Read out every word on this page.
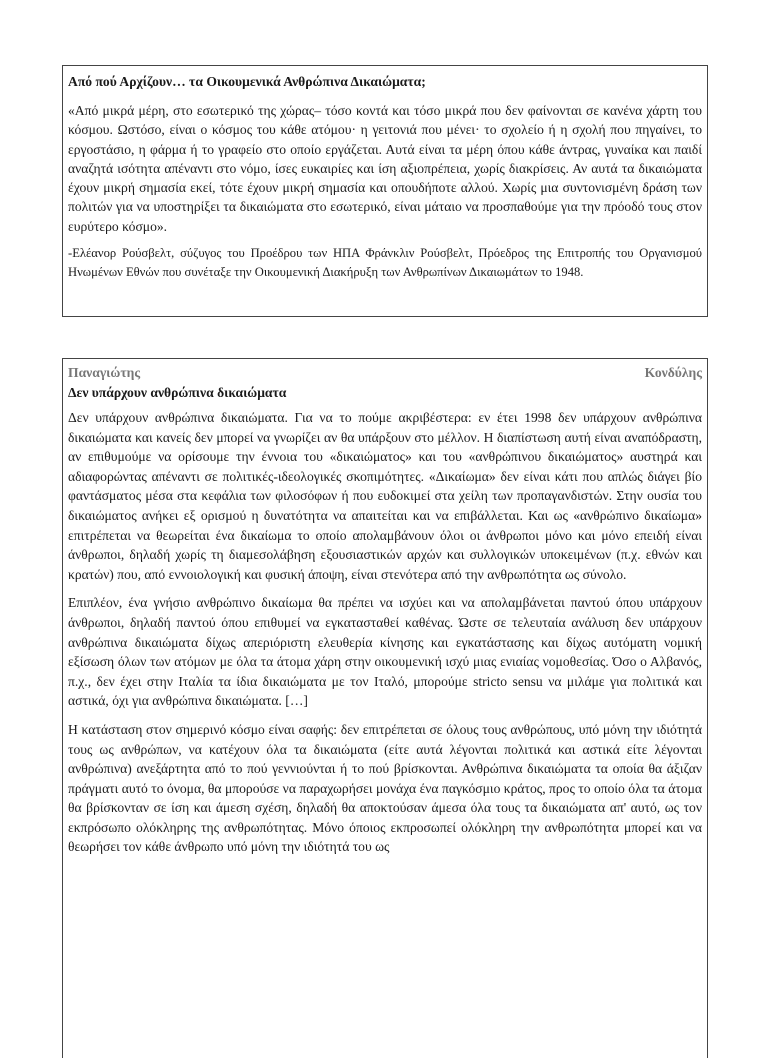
Από πού Αρχίζουν… τα Οικουμενικά Ανθρώπινα Δικαιώματα;

«Από μικρά μέρη, στο εσωτερικό της χώρας– τόσο κοντά και τόσο μικρά που δεν φαίνονται σε κανένα χάρτη του κόσμου. Ωστόσο, είναι ο κόσμος του κάθε ατόμου· η γειτονιά που μένει· το σχολείο ή η σχολή που πηγαίνει, το εργοστάσιο, η φάρμα ή το γραφείο στο οποίο εργάζεται. Αυτά είναι τα μέρη όπου κάθε άντρας, γυναίκα και παιδί αναζητά ισότητα απέναντι στο νόμο, ίσες ευκαιρίες και ίση αξιοπρέπεια, χωρίς διακρίσεις. Αν αυτά τα δικαιώματα έχουν μικρή σημασία εκεί, τότε έχουν μικρή σημασία και οπουδήποτε αλλού. Χωρίς μια συντονισμένη δράση των πολιτών για να υποστηρίξει τα δικαιώματα στο εσωτερικό, είναι μάταιο να προσπαθούμε για την πρόοδό τους στον ευρύτερο κόσμο».

-Ελέανορ Ρούσβελτ, σύζυγος του Προέδρου των ΗΠΑ Φράνκλιν Ρούσβελτ, Πρόεδρος της Επιτροπής του Οργανισμού Ηνωμένων Εθνών που συνέταξε την Οικουμενική Διακήρυξη των Ανθρωπίνων Δικαιωμάτων το 1948.

Παναγιώτης	Κονδύλης
Δεν υπάρχουν ανθρώπινα δικαιώματα

Δεν υπάρχουν ανθρώπινα δικαιώματα. Για να το πούμε ακριβέστερα: εν έτει 1998 δεν υπάρχουν ανθρώπινα δικαιώματα και κανείς δεν μπορεί να γνωρίζει αν θα υπάρξουν στο μέλλον. Η διαπίστωση αυτή είναι αναπόδραστη, αν επιθυμούμε να ορίσουμε την έννοια του «δικαιώματος» και του «ανθρώπινου δικαιώματος» αυστηρά και αδιαφορώντας απέναντι σε πολιτικές-ιδεολογικές σκοπιμότητες. «Δικαίωμα» δεν είναι κάτι που απλώς διάγει βίο φαντάσματος μέσα στα κεφάλια των φιλοσόφων ή που ευδοκιμεί στα χείλη των προπαγανδιστών. Στην ουσία του δικαιώματος ανήκει εξ ορισμού η δυνατότητα να απαιτείται και να επιβάλλεται. Και ως «ανθρώπινο δικαίωμα» επιτρέπεται να θεωρείται ένα δικαίωμα το οποίο απολαμβάνουν όλοι οι άνθρωποι μόνο και μόνο επειδή είναι άνθρωποι, δηλαδή χωρίς τη διαμεσολάβηση εξουσιαστικών αρχών και συλλογικών υποκειμένων (π.χ. εθνών και κρατών) που, από εννοιολογική και φυσική άποψη, είναι στενότερα από την ανθρωπότητα ως σύνολο.

Επιπλέον, ένα γνήσιο ανθρώπινο δικαίωμα θα πρέπει να ισχύει και να απολαμβάνεται παντού όπου υπάρχουν άνθρωποι, δηλαδή παντού όπου επιθυμεί να εγκατασταθεί καθένας. Ώστε σε τελευταία ανάλυση δεν υπάρχουν ανθρώπινα δικαιώματα δίχως απεριόριστη ελευθερία κίνησης και εγκατάστασης και δίχως αυτόματη νομική εξίσωση όλων των ατόμων με όλα τα άτομα χάρη στην οικουμενική ισχύ μιας ενιαίας νομοθεσίας. Όσο ο Αλβανός, π.χ., δεν έχει στην Ιταλία τα ίδια δικαιώματα με τον Ιταλό, μπορούμε stricto sensu να μιλάμε για πολιτικά και αστικά, όχι για ανθρώπινα δικαιώματα. […]

Η κατάσταση στον σημερινό κόσμο είναι σαφής: δεν επιτρέπεται σε όλους τους ανθρώπους, υπό μόνη την ιδιότητά τους ως ανθρώπων, να κατέχουν όλα τα δικαιώματα (είτε αυτά λέγονται πολιτικά και αστικά είτε λέγονται ανθρώπινα) ανεξάρτητα από το πού γεννιούνται ή το πού βρίσκονται. Ανθρώπινα δικαιώματα τα οποία θα άξιζαν πράγματι αυτό το όνομα, θα μπορούσε να παραχωρήσει μονάχα ένα παγκόσμιο κράτος, προς το οποίο όλα τα άτομα θα βρίσκονταν σε ίση και άμεση σχέση, δηλαδή θα αποκτούσαν άμεσα όλα τους τα δικαιώματα απ' αυτό, ως τον εκπρόσωπο ολόκληρης της ανθρωπότητας. Μόνο όποιος εκπροσωπεί ολόκληρη την ανθρωπότητα μπορεί και να θεωρήσει τον κάθε άνθρωπο υπό μόνη την ιδιότητά του ως
